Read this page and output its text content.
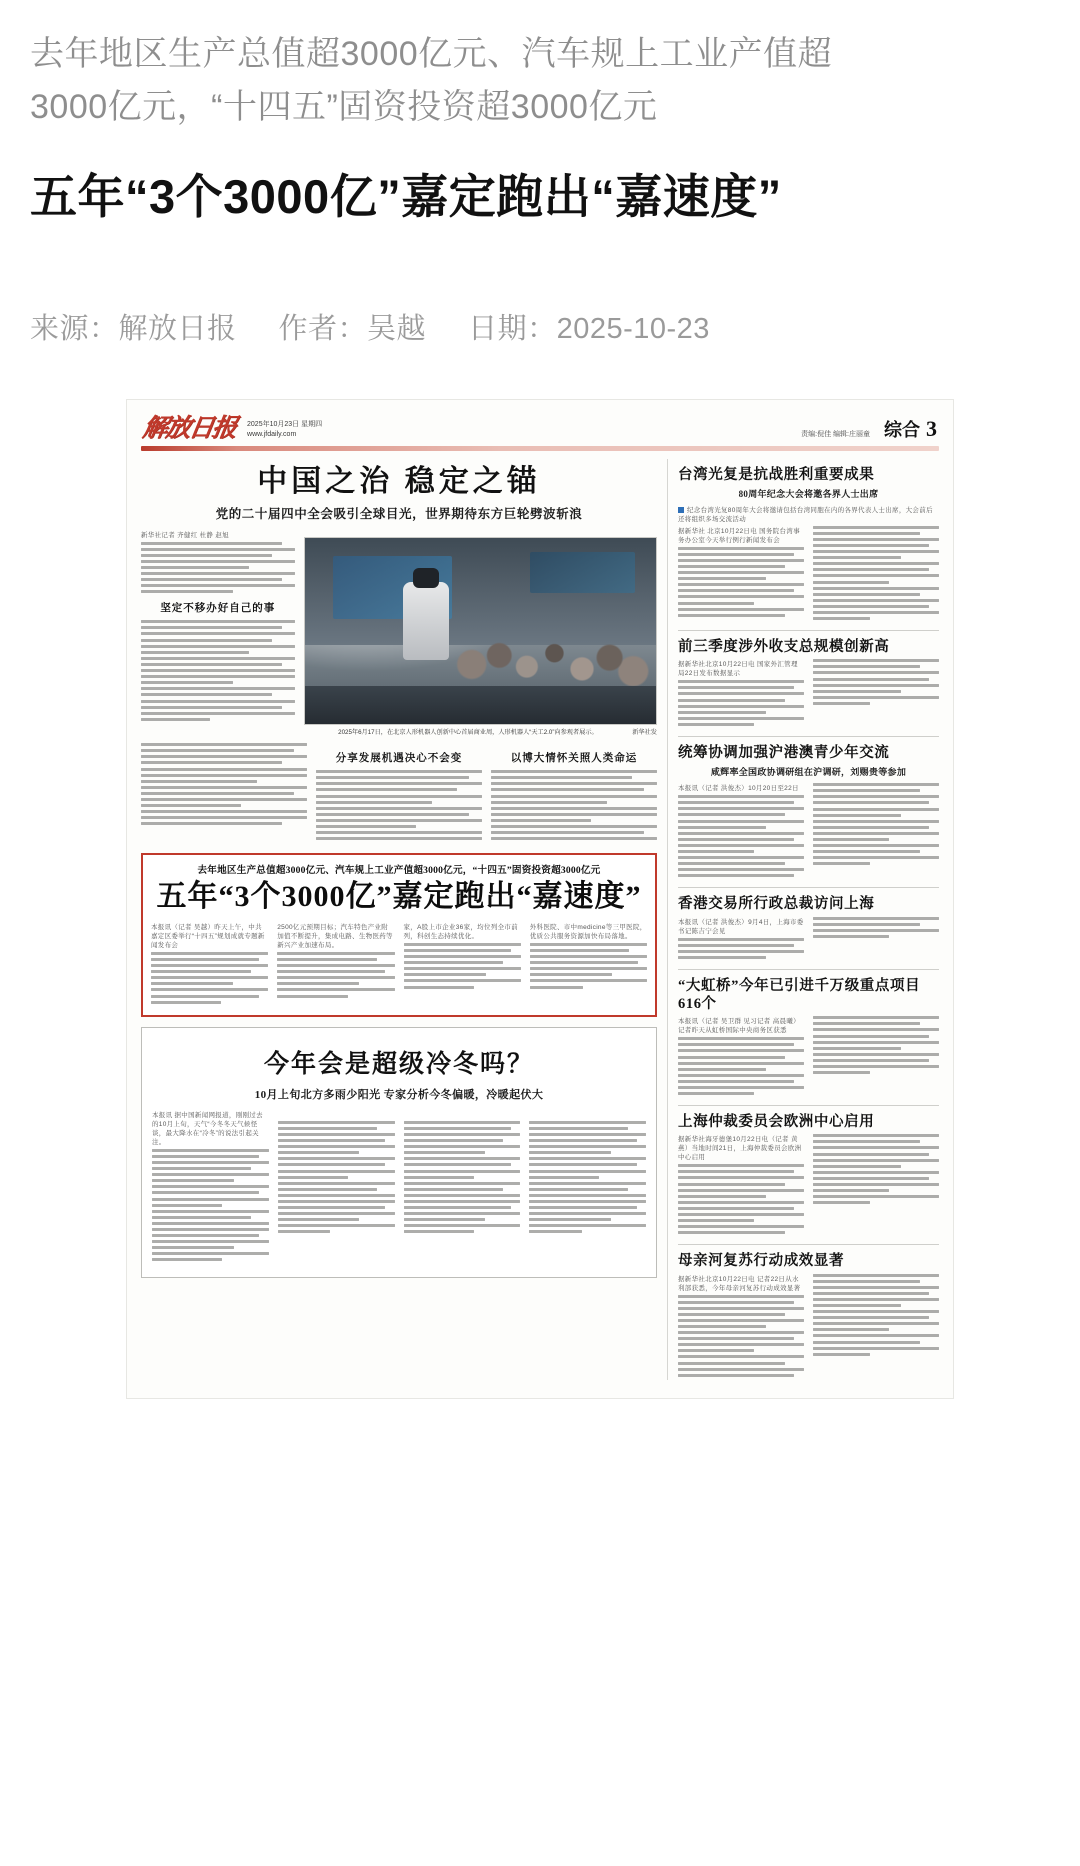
去年地区生产总值超3000亿元、汽车规上工业产值超3000亿元，“十四五”固资投资超3000亿元
五年“3个3000亿”嘉定跑出“嘉速度”
来源：解放日报 作者：吴越 日期：2025-10-23
解放日报 2025年10月23日 星期四
www.jfdaily.com	责编:倪佳 编辑:庄丽童 综合 3
中国之治 稳定之锚
党的二十届四中全会吸引全球目光，世界期待东方巨轮劈波斩浪
新华社记者 齐健红 杜静 赵旭
坚定不移办好自己的事
2025年6月17日，在北京人形机器人创新中心首届商业周，人形机器人“天工2.0”向参观者展示。	新华社发
分享发展机遇决心不会变	以博大情怀关照人类命运
去年地区生产总值超3000亿元、汽车规上工业产值超3000亿元，“十四五”固资投资超3000亿元
五年“3个3000亿”嘉定跑出“嘉速度”
本报讯（记者 吴越）昨天上午，中共嘉定区委举行“十四五”规划成就专题新闻发布会
2500亿元预期目标；汽车特色产业附加值不断提升，集成电路、生物医药等新兴产业加速布局。
家，A股上市企业36家，均位列全市前列，科创生态持续优化。
外科医院、市中medicine等三甲医院，优质公共服务资源加快布局落地。
今年会是超级冷冬吗？
10月上旬北方多雨少阳光 专家分析今冬偏暖，冷暖起伏大
本报讯 据中国新闻网报道，刚刚过去的10月上旬，天气“今冬冬天气候怪谈，最大降水在“冷冬”的说法引起关注。
台湾光复是抗战胜利重要成果
80周年纪念大会将邀各界人士出席
纪念台湾光复80周年大会将邀请包括台湾同胞在内的各界代表人士出席，大会前后还将组织多场交流活动
据新华社 北京10月22日电 国务院台湾事务办公室今天举行例行新闻发布会
前三季度涉外收支总规模创新高
据新华社北京10月22日电 国家外汇管理局22日发布数据显示
统筹协调加强沪港澳青少年交流
咸辉率全国政协调研组在沪调研，刘赐贵等参加
本报讯（记者 洪俊杰）10月20日至22日
香港交易所行政总裁访问上海
本报讯（记者 洪俊杰）9月4日，上海市委书记陈吉宁会见
“大虹桥”今年已引进千万级重点项目616个
本报讯（记者 吴卫群 见习记者 高晨曦）记者昨天从虹桥国际中央商务区获悉
上海仲裁委员会欧洲中心启用
据新华社海牙德堡10月22日电（记者 黄燕）当地时间21日，上海仲裁委员会欧洲中心启用
母亲河复苏行动成效显著
据新华社北京10月22日电 记者22日从水利部获悉，今年母亲河复苏行动成效显著
